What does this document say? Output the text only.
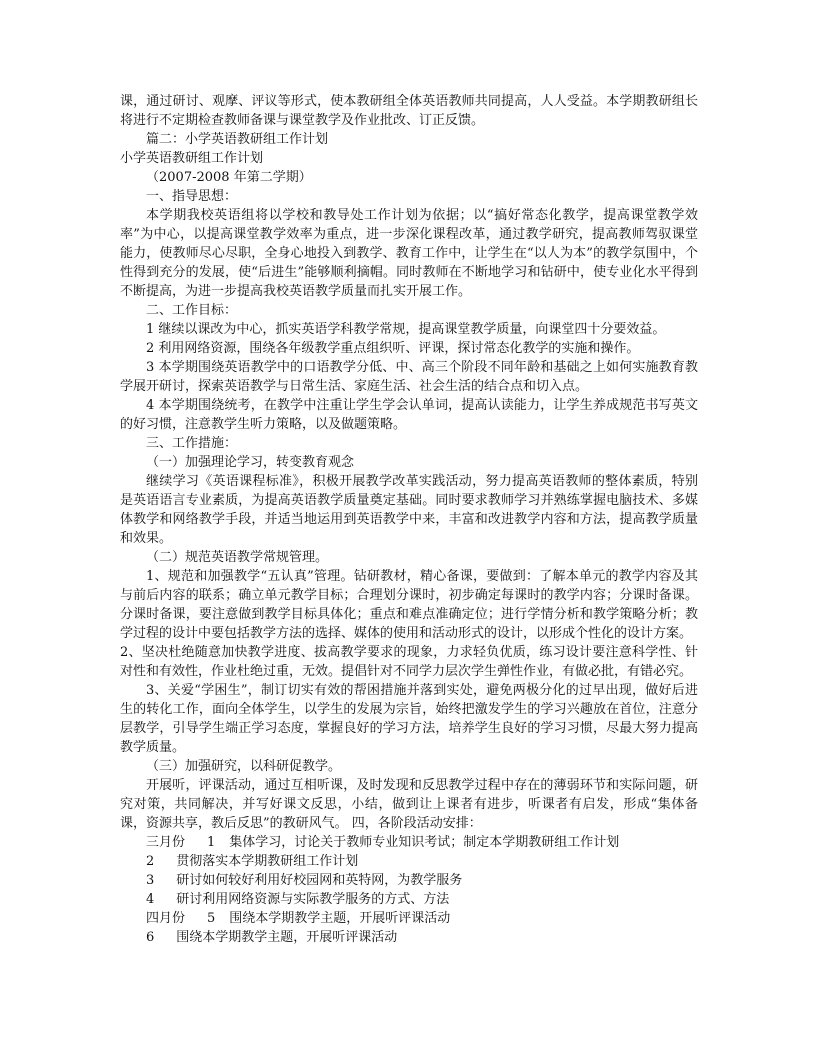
课，通过研讨、观摩、评议等形式，使本教研组全体英语教师共同提高，人人受益。本学期教研组长将进行不定期检查教师备课与课堂教学及作业批改、订正反馈。

篇二：小学英语教研组工作计划

小学英语教研组工作计划

（2007-2008 年第二学期）

一、指导思想：

本学期我校英语组将以学校和教导处工作计划为依据；以“搞好常态化教学，提高课堂教学效率”为中心，以提高课堂教学效率为重点，进一步深化课程改革，通过教学研究，提高教师驾驭课堂能力，使教师尽心尽职，全身心地投入到教学、教育工作中，让学生在“以人为本”的教学氛围中，个性得到充分的发展，使“后进生”能够顺利摘帽。同时教师在不断地学习和钻研中，使专业化水平得到不断提高，为进一步提高我校英语教学质量而扎实开展工作。

二、工作目标：

1 继续以课改为中心，抓实英语学科教学常规，提高课堂教学质量，向课堂四十分要效益。

2 利用网络资源，围绕各年级教学重点组织听、评课，探讨常态化教学的实施和操作。

3 本学期围绕英语教学中的口语教学分低、中、高三个阶段不同年龄和基础之上如何实施教育教学展开研讨，探索英语教学与日常生活、家庭生活、社会生活的结合点和切入点。

4 本学期围绕统考，在教学中注重让学生学会认单词，提高认读能力，让学生养成规范书写英文的好习惯，注意教学生听力策略，以及做题策略。

三、工作措施：

（一）加强理论学习，转变教育观念

继续学习《英语课程标准》，积极开展教学改革实践活动，努力提高英语教师的整体素质，特别是英语语言专业素质，为提高英语教学质量奠定基础。同时要求教师学习并熟练掌握电脑技术、多媒体教学和网络教学手段，并适当地运用到英语教学中来，丰富和改进教学内容和方法，提高教学质量和效果。

（二）规范英语教学常规管理。

1、规范和加强教学“五认真”管理。钻研教材，精心备课，要做到：了解本单元的教学内容及其与前后内容的联系；确立单元教学目标；合理划分课时，初步确定每课时的教学内容；分课时备课。分课时备课，要注意做到教学目标具体化；重点和难点准确定位；进行学情分析和教学策略分析；教学过程的设计中要包括教学方法的选择、媒体的使用和活动形式的设计，以形成个性化的设计方案。

2、坚决杜绝随意加快教学进度、拔高教学要求的现象，力求轻负优质，练习设计要注意科学性、针对性和有效性，作业杜绝过重，无效。提倡针对不同学力层次学生弹性作业，有做必批，有错必究。

3、关爱“学困生”，制订切实有效的帮困措施并落到实处，避免两极分化的过早出现，做好后进生的转化工作，面向全体学生，以学生的发展为宗旨，始终把激发学生的学习兴趣放在首位，注意分层教学，引导学生端正学习态度，掌握良好的学习方法，培养学生良好的学习习惯，尽最大努力提高教学质量。

（三）加强研究，以科研促教学。

开展听，评课活动，通过互相听课，及时发现和反思教学过程中存在的薄弱环节和实际问题，研究对策，共同解决，并写好课文反思，小结，做到让上课者有进步，听课者有启发，形成“集体备课，资源共享，教后反思”的教研风气。 四，各阶段活动安排：

三月份 1 集体学习，讨论关于教师专业知识考试；制定本学期教研组工作计划

2 贯彻落实本学期教研组工作计划

3 研讨如何较好利用好校园网和英特网，为教学服务

4 研讨利用网络资源与实际教学服务的方式、方法

四月份 5 围绕本学期教学主题，开展听评课活动

6 围绕本学期教学主题，开展听评课活动
